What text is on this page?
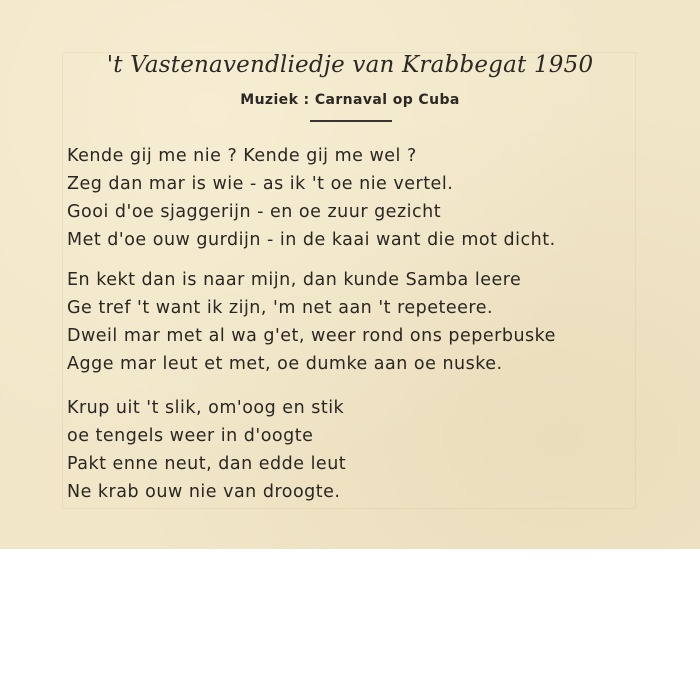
't Vastenavendliedje van Krabbegat 1950
Muziek : Carnaval op Cuba
Kende gij me nie ? Kende gij me wel ?
Zeg dan mar is wie - as ik 't oe nie vertel.
Gooi d'oe sjaggerijn - en oe zuur gezicht
Met d'oe ouw gurdijn - in de kaai want die mot dicht.
En kekt dan is naar mijn, dan kunde Samba leere
Ge tref 't want ik zijn, 'm net aan 't repeteere.
Dweil mar met al wa g'et, weer rond ons peperbuske
Agge mar leut et met, oe dumke aan oe nuske.
Krup uit 't slik, om'oog en stik
oe tengels weer in d'oogte
Pakt enne neut, dan edde leut
Ne krab ouw nie van droogte.
